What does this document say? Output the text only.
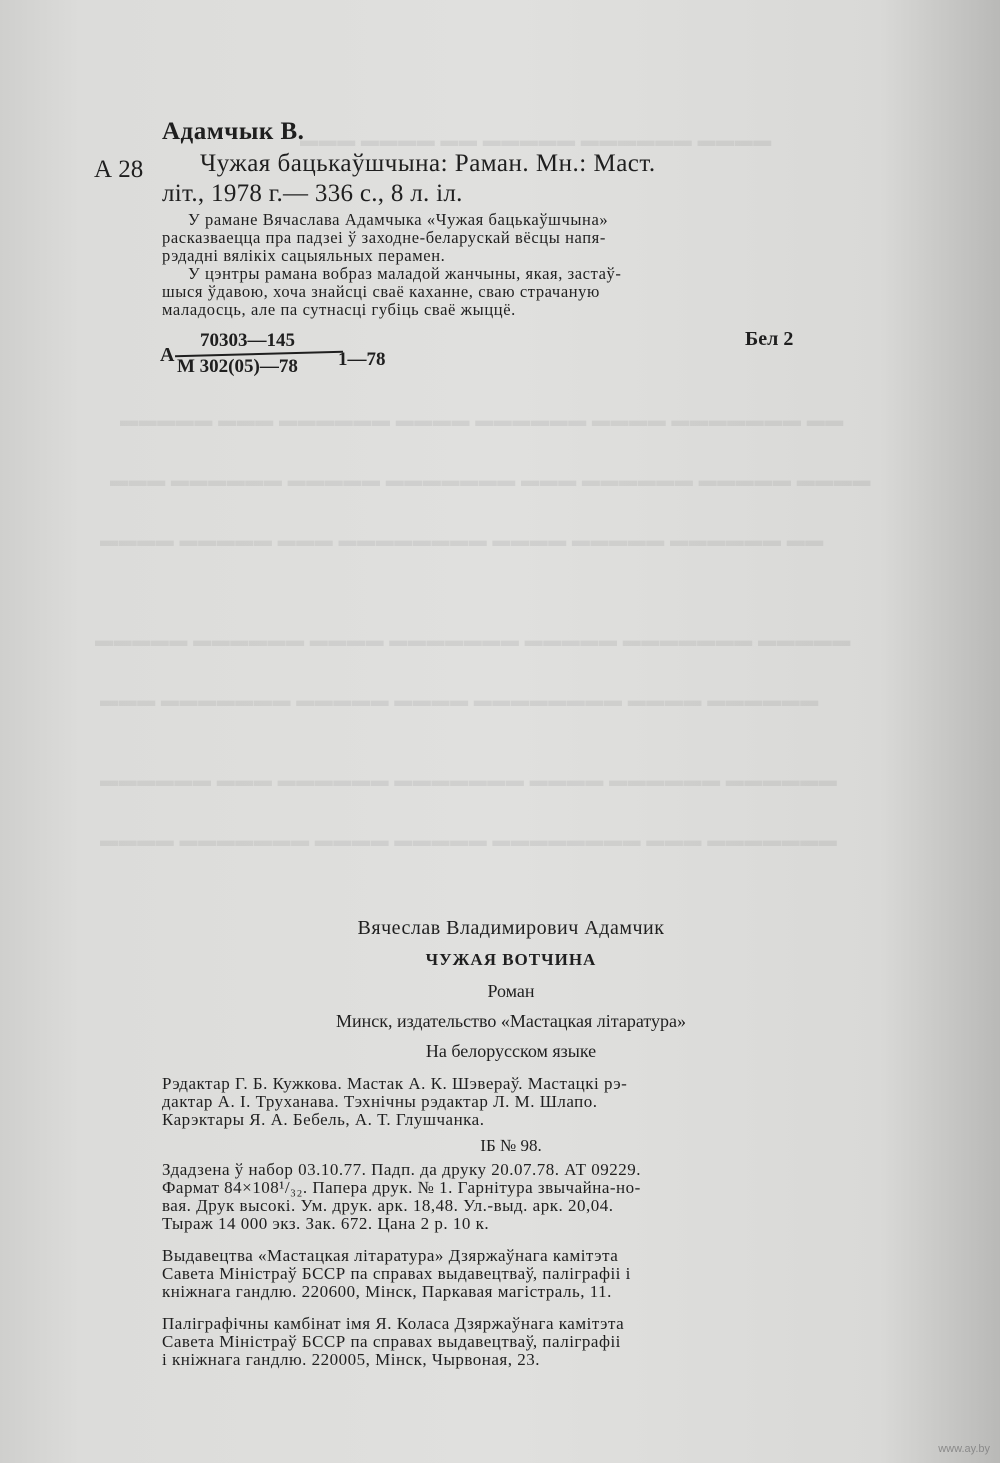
▬▬▬ ▬▬▬▬ ▬▬ ▬▬▬▬▬ ▬▬▬▬▬▬ ▬▬▬▬
▬▬▬▬▬ ▬▬▬ ▬▬▬▬▬▬ ▬▬▬▬ ▬▬▬▬▬▬ ▬▬▬▬ ▬▬▬▬▬▬▬ ▬▬
▬▬▬ ▬▬▬▬▬▬ ▬▬▬▬▬ ▬▬▬▬▬▬▬ ▬▬▬ ▬▬▬▬▬▬ ▬▬▬▬▬ ▬▬▬▬
▬▬▬▬ ▬▬▬▬▬ ▬▬▬ ▬▬▬▬▬▬▬▬ ▬▬▬▬ ▬▬▬▬▬ ▬▬▬▬▬▬ ▬▬
▬▬▬▬▬ ▬▬▬▬▬▬ ▬▬▬▬ ▬▬▬▬▬▬▬ ▬▬▬▬▬ ▬▬▬▬▬▬▬ ▬▬▬▬▬
▬▬▬ ▬▬▬▬▬▬▬ ▬▬▬▬▬ ▬▬▬▬ ▬▬▬▬▬▬▬▬ ▬▬▬▬ ▬▬▬▬▬▬
▬▬▬▬▬▬ ▬▬▬ ▬▬▬▬▬▬ ▬▬▬▬▬▬▬ ▬▬▬▬ ▬▬▬▬▬▬ ▬▬▬▬▬▬
▬▬▬▬ ▬▬▬▬▬▬▬ ▬▬▬▬ ▬▬▬▬▬ ▬▬▬▬▬▬▬▬ ▬▬▬ ▬▬▬▬▬▬▬
Адамчык В.
А 28 Чужая бацькаўшчына: Раман. Мн.: Маст.
літ., 1978 г.— 336 с., 8 л. іл.
У рамане Вячаслава Адамчыка «Чужая бацькаўшчына»
расказваецца пра падзеі ў заходне-беларускай вёсцы напя-
рэдадні вялікіх сацыяльных перамен.
У цэнтры рамана вобраз маладой жанчыны, якая, застаў-
шыся ўдавою, хоча знайсці сваё каханне, сваю страчаную
маладосць, але па сутнасці губіць сваё жыццё.
А
70303—145
М 302(05)—78 1—78
Бел 2
Вячеслав Владимирович Адамчик
ЧУЖАЯ ВОТЧИНА
Роман
Минск, издательство «Мастацкая літаратура»
На белорусском языке
Рэдактар Г. Б. Кужкова. Мастак А. К. Шэвераў. Мастацкі рэ-
дактар А. І. Труханава. Тэхнічны рэдактар Л. М. Шлапо.
Карэктары Я. А. Бебель, А. Т. Глушчанка.
ІБ № 98.
Здадзена ў набор 03.10.77. Падп. да друку 20.07.78. АТ 09229.
Фармат 84×108¹/₃₂. Папера друк. № 1. Гарнітура звычайна-но-
вая. Друк высокі. Ум. друк. арк. 18,48. Ул.-выд. арк. 20,04.
Тыраж 14 000 экз. Зак. 672. Цана 2 р. 10 к.
Выдавецтва «Мастацкая літаратура» Дзяржаўнага камітэта
Савета Міністраў БССР па справах выдавецтваў, паліграфіі і
кніжнага гандлю. 220600, Мінск, Паркавая магістраль, 11.
Паліграфічны камбінат імя Я. Коласа Дзяржаўнага камітэта
Савета Міністраў БССР па справах выдавецтваў, паліграфіі
і кніжнага гандлю. 220005, Мінск, Чырвоная, 23.
www.ay.by
